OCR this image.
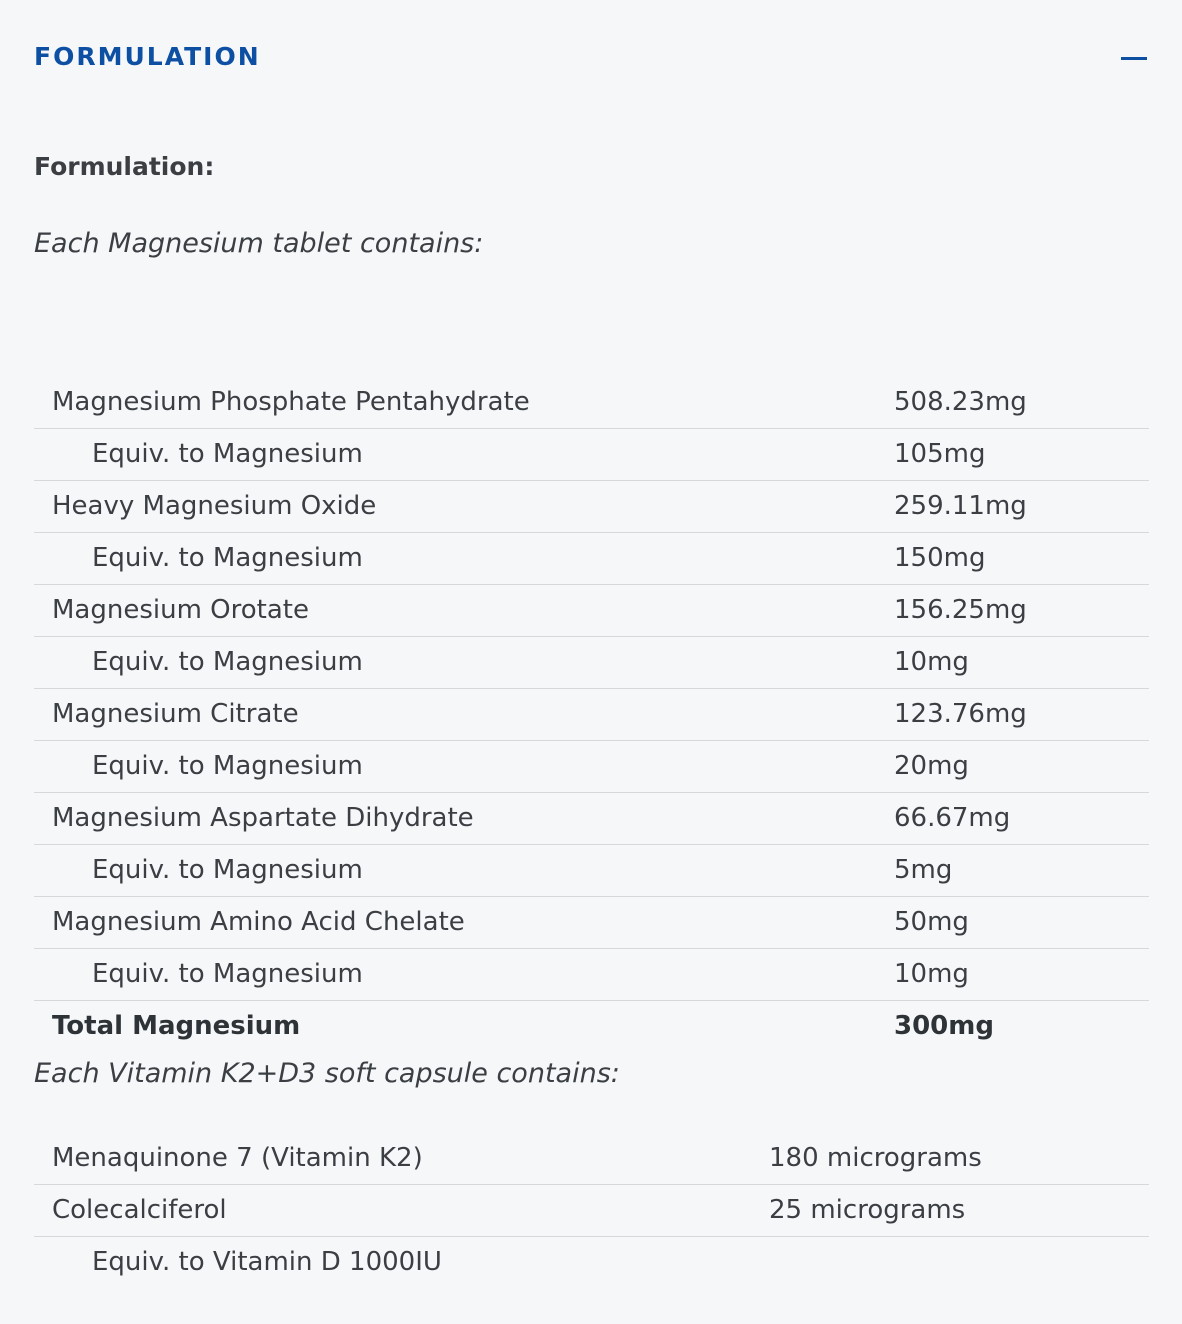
FORMULATION
Formulation:
Each Magnesium tablet contains:
Magnesium Phosphate Pentahydrate	508.23mg
Equiv. to Magnesium	105mg
Heavy Magnesium Oxide	259.11mg
Equiv. to Magnesium	150mg
Magnesium Orotate	156.25mg
Equiv. to Magnesium	10mg
Magnesium Citrate	123.76mg
Equiv. to Magnesium	20mg
Magnesium Aspartate Dihydrate	66.67mg
Equiv. to Magnesium	5mg
Magnesium Amino Acid Chelate	50mg
Equiv. to Magnesium	10mg
Total Magnesium	300mg
Each Vitamin K2+D3 soft capsule contains:
Menaquinone 7 (Vitamin K2)	180 micrograms
Colecalciferol	25 micrograms
Equiv. to Vitamin D 1000IU
